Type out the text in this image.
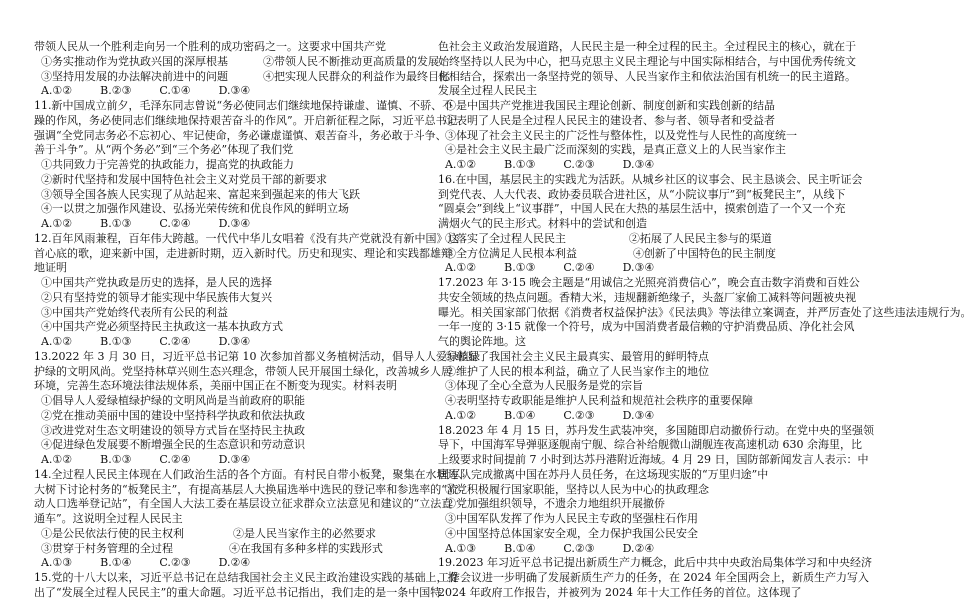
带领人民从一个胜利走向另一个胜利的成功密码之一。这要求中国共产党
①务实推动作为党执政兴国的深厚根基          ②带领人民不断推动更高质量的发展
③坚持用发展的办法解决前进中的问题          ④把实现人民群众的利益作为最终目标
A.①②        B.②③        C.①④        D.③④
11.新中国成立前夕，毛泽东同志曾说“务必使同志们继续地保持谦虚、谨慎、不骄、不
躁的作风，务必使同志们继续地保持艰苦奋斗的作风”。开启新征程之际，习近平总书记
强调“全党同志务必不忘初心、牢记使命，务必谦虚谨慎、艰苦奋斗，务必敢于斗争、
善于斗争”。从“两个务必”到“三个务必”体现了我们党
①共同致力于完善党的执政能力，提高党的执政能力
②新时代坚持和发展中国特色社会主义对党员干部的新要求
③领导全国各族人民实现了从站起来、富起来到强起来的伟大飞跃
④一以贯之加强作风建设、弘扬光荣传统和优良作风的鲜明立场
A.①②        B.①③        C.②④        D.③④
12.百年风雨兼程，百年伟大跨越。一代代中华儿女唱着《没有共产党就没有新中国》这
首心底的歌，迎来新中国，走进新时期，迈入新时代。历史和现实、理论和实践都雄辩
地证明
①中国共产党执政是历史的选择，是人民的选择
②只有坚持党的领导才能实现中华民族伟大复兴
③中国共产党始终代表所有公民的利益
④中国共产党必须坚持民主执政这一基本执政方式
A.①②        B.①③        C.②④        D.③④
13.2022 年 3 月 30 日，习近平总书记第 10 次参加首都义务植树活动，倡导人人爱绿植绿
护绿的文明风尚。党坚持林草兴则生态兴理念，带领人民开展国土绿化，改善城乡人居
环境，完善生态环境法律法规体系，美丽中国正在不断变为现实。材料表明
①倡导人人爱绿植绿护绿的文明风尚是当前政府的职能
②党在推动美丽中国的建设中坚持科学执政和依法执政
③改进党对生态文明建设的领导方式旨在坚持民主执政
④促进绿色发展要不断增强全民的生态意识和劳动意识
A.①②        B.①③        C.②④        D.③④
14.全过程人民民主体现在人们政治生活的各个方面。有村民自带小板凳，聚集在水塘边、
大树下讨论村务的“板凳民主”，有提高基层人大换届选举中选民的登记率和参选率的“流
动人口选举登记站”，有全国人大法工委在基层设立征求群众立法意见和建议的“立法直
通车”。这说明全过程人民民主
①是公民依法行使的民主权利              ②是人民当家作主的必然要求
③贯穿于村务管理的全过程                ④在我国有多种多样的实践形式
A.①③        B.①④        C.②③        D.②④
15.党的十八大以来，习近平总书记在总结我国社会主义民主政治建设实践的基础上，提
出了“发展全过程人民民主”的重大命题。习近平总书记指出，我们走的是一条中国特
色社会主义政治发展道路，人民民主是一种全过程的民主。全过程民主的核心，就在于
始终坚持以人民为中心，把马克思主义民主理论与中国实际相结合，与中国优秀传统文
化相结合，探索出一条坚持党的领导、人民当家作主和依法治国有机统一的民主道路。
发展全过程人民民主
①是中国共产党推进我国民主理论创新、制度创新和实践创新的结晶
②表明了人民是全过程人民民主的建设者、参与者、领导者和受益者
③体现了社会主义民主的广泛性与整体性，以及党性与人民性的高度统一
④是社会主义民主最广泛而深刻的实践，是真正意义上的人民当家作主
A.①②        B.①③        C.②③        D.③④
16.在中国，基层民主的实践尤为活跃。从城乡社区的议事会、民主恳谈会、民主听证会
到党代表、人大代表、政协委员联合进社区，从“小院议事厅”到“板凳民主”，从线下
“圆桌会”到线上“议事群”，中国人民在大热的基层生活中，摸索创造了一个又一个充
满烟火气的民主形式。材料中的尝试和创造
①落实了全过程人民民主                  ②拓展了人民民主参与的渠道
③全方位满足人民根本利益                ④创新了中国特色的民主制度
A.①②        B.①③        C.②④        D.③④
17.2023 年 3·15 晚会主题是“用诚信之光照亮消费信心”，晚会直击数字消费和百姓公
共安全领域的热点问题。香精大米，违规翻新绝缘子，头盔厂家偷工减料等问题被央视
曝光。相关国家部门依据《消费者权益保护法》《民法典》等法律立案调查，并严厉查处了这些违法违规行为。
一年一度的 3·15 就像一个符号，成为中国消费者最信赖的守护消费品质、净化社会风
气的舆论阵地。这
①彰显了我国社会主义民主最真实、最管用的鲜明特点
②维护了人民的根本利益，确立了人民当家作主的地位
③体现了全心全意为人民服务是党的宗旨
④表明坚持专政职能是维护人民利益和规范社会秩序的重要保障
A.①②        B.①④        C.②③        D.③④
18.2023 年 4 月 15 日，苏丹发生武装冲突，多国随即启动撤侨行动。在党中央的坚强领
导下，中国海军导弹驱逐舰南宁舰、综合补给舰微山湖舰连夜高速机动 630 余海里，比
上级要求时间提前 7 小时到达苏丹港附近海域。4 月 29 日，国防部新闻发言人表示：中
国军队完成撤离中国在苏丹人员任务，在这场现实版的“万里归途”中
①党积极履行国家职能，坚持以人民为中心的执政理念
②党加强组织领导，不遗余力地组织开展撤侨
③中国军队发挥了作为人民民主专政的坚强柱石作用
④中国坚持总体国家安全观，全力保护我国公民安全
A.①③        B.①④        C.②③        D.②④
19.2023 年习近平总书记提出新质生产力概念，此后中共中央政治局集体学习和中央经济
工作会议进一步明确了发展新质生产力的任务，在 2024 年全国两会上，新质生产力写入
2024 年政府工作报告，并被列为 2024 年十大工作任务的首位。这体现了
